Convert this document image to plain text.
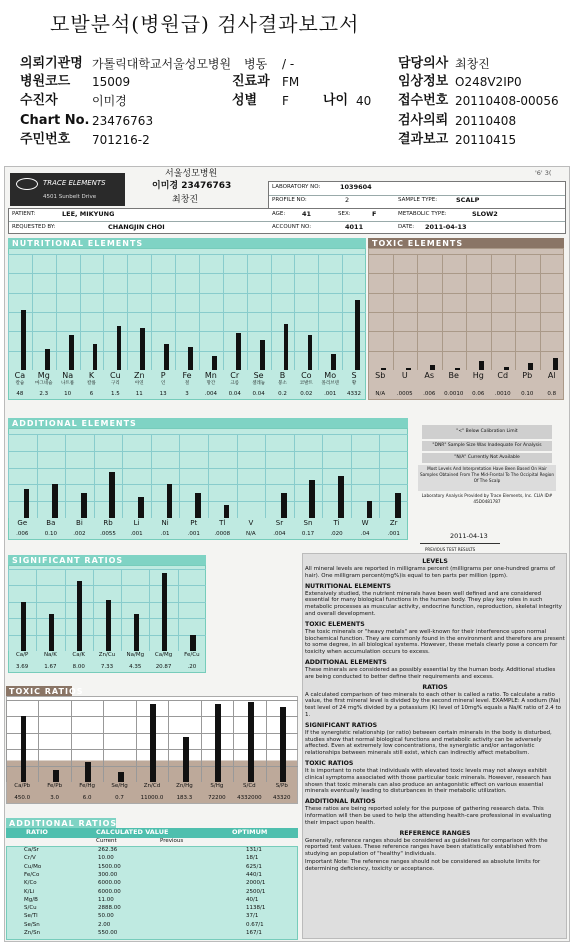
모발분석(병원급) 검사결과보고서
의뢰기관명 가톨릭대학교서울성모병원 병동 / -	담당의사 최창진
병원코드 15009	진료과 FM	임상정보 O248V2IP0
수진자	이미경	성별 F	나이 40 접수번호 20110408-00056
Chart No. 23476763	검사의뢰 20110408
주민번호 701216-2	결과보고 20110415
'6' 3(
TRACE ELEMENTS
4501 Sunbelt Drive
서울성모병원
이미경 23476763
최창진
LABORATORY NO:	1039604
PROFILE NO:	2	SAMPLE TYPE:	SCALP
PATIENT:	LEE, MIKYUNG	AGE:	41	SEX:	F	METABOLIC TYPE:	SLOW2
REQUESTED BY:	CHANGJIN CHOI	ACCOUNT NO:	4011	DATE: 2011-04-13
NUTRITIONAL ELEMENTS
Ca
칼슘
48
Mg
마그네슘
2.3
Na
나트륨
10
K
칼륨
6
Cu
구리
1.5
Zn
아연
11
P
인
13
Fe
철
3
Mn
망간
.004
Cr
크롬
0.04
Se
셀레늄
0.04
B
붕소
0.2
Co
코발트
0.02
Mo
몰리브덴
.001
S
황
4332
TOXIC ELEMENTS
Sb
N/A
U
.0005
As
.006
Be
0.0010
Hg
0.06
Cd
.0010
Pb
0.10
Al
0.8
ADDITIONAL ELEMENTS
Ge
.006
Ba
0.10
Bi
.002
Rb
.0055
Li
.001
Ni
.01
Pt
.001
Tl
.0008
V
N/A
Sr
.004
Sn
0.17
Ti
.020
W
.04
Zr
.001
"<" Below Calibration Limit
"DNR" Sample Size Was Inadequate For Analysis
"N/A" Currently Not Available
Most Levels And Interpretation Have Been Based On Hair Samples Obtained From The Mid-Frontal To The Occipital Region Of The Scalp
Laboratory Analysis Provided by Trace Elements, Inc. CLIA ID# 45D0481787
2011-04-13
PREVIOUS TEST RESULTS
SIGNIFICANT RATIOS
Ca/P
3.69
Na/K
1.67
Ca/K
8.00
Zn/Cu
7.33
Na/Mg
4.35
Ca/Mg
20.87
Fe/Cu
.20
TOXIC RATIOS
Ca/Pb
450.0
Fe/Pb
3.0
Fe/Hg
6.0
Se/Hg
0.7
Zn/Cd
11000.0
Zn/Hg
183.3
S/Hg
72200
S/Cd
4332000
S/Pb
43320
ADDITIONAL RATIOS
RATIO	CALCULATED VALUE	OPTIMUM
Current	Previous
Ca/Sr	262.36	131/1
Cr/V	10.00	18/1
Cu/Mo	1500.00	625/1
Fe/Co	300.00	440/1
K/Co	6000.00	2000/1
K/Li	6000.00	2500/1
Mg/B	11.00	40/1
S/Cu	2888.00	1138/1
Se/Tl	50.00	37/1
Se/Sn	2.00	0.67/1
Zn/Sn	550.00	167/1
LEVELS
All mineral levels are reported in milligrams percent (milligrams per one-hundred grams of hair). One milligram percent(mg%)is equal to ten parts per million (ppm).
NUTRITIONAL ELEMENTS
Extensively studied, the nutrient minerals have been well defined and are considered essential for many biological functions in the human body. They play key roles in such metabolic processes as muscular activity, endocrine function, reproduction, skeletal integrity and overall development.
TOXIC ELEMENTS
The toxic minerals or "heavy metals" are well-known for their interference upon normal biochemical function. They are commonly found in the environment and therefore are present to some degree, in all biological systems. However, these metals clearly pose a concern for toxicity when accumulation occurs to excess.
ADDITIONAL ELEMENTS
These minerals are considered as possibly essential by the human body. Additional studies are being conducted to better define their requirements and excess.
RATIOS
A calculated comparison of two minerals to each other is called a ratio. To calculate a ratio value, the first mineral level is divided by the second mineral level. EXAMPLE: A sodium (Na) test level of 24 mg% divided by a potassium (K) level of 10mg% equals a Na/K ratio of 2.4 to 1.
SIGNIFICANT RATIOS
If the synergistic relationship (or ratio) between certain minerals in the body is disturbed, studies show that normal biological functions and metabolic activity can be adversely affected. Even at extremely low concentrations, the synergistic and/or antagonistic relationships between minerals still exist, which can indirectly affect metabolism.
TOXIC RATIOS
It is important to note that individuals with elevated toxic levels may not always exhibit clinical symptoms associated with those particular toxic minerals. However, research has shown that toxic minerals can also produce an antagonistic effect on various essential minerals eventually leading to disturbances in their metabolic utilization.
ADDITIONAL RATIOS
These ratios are being reported solely for the purpose of gathering research data. This information will then be used to help the attending health-care professional in evaluating their impact upon health.
REFERENCE RANGES
Generally, reference ranges should be considered as guidelines for comparison with the reported test values. These reference ranges have been statistically established from studying an population of "healthy" individuals.
Important Note: The reference ranges should not be considered as absolute limits for determining deficiency, toxicity or acceptance.
